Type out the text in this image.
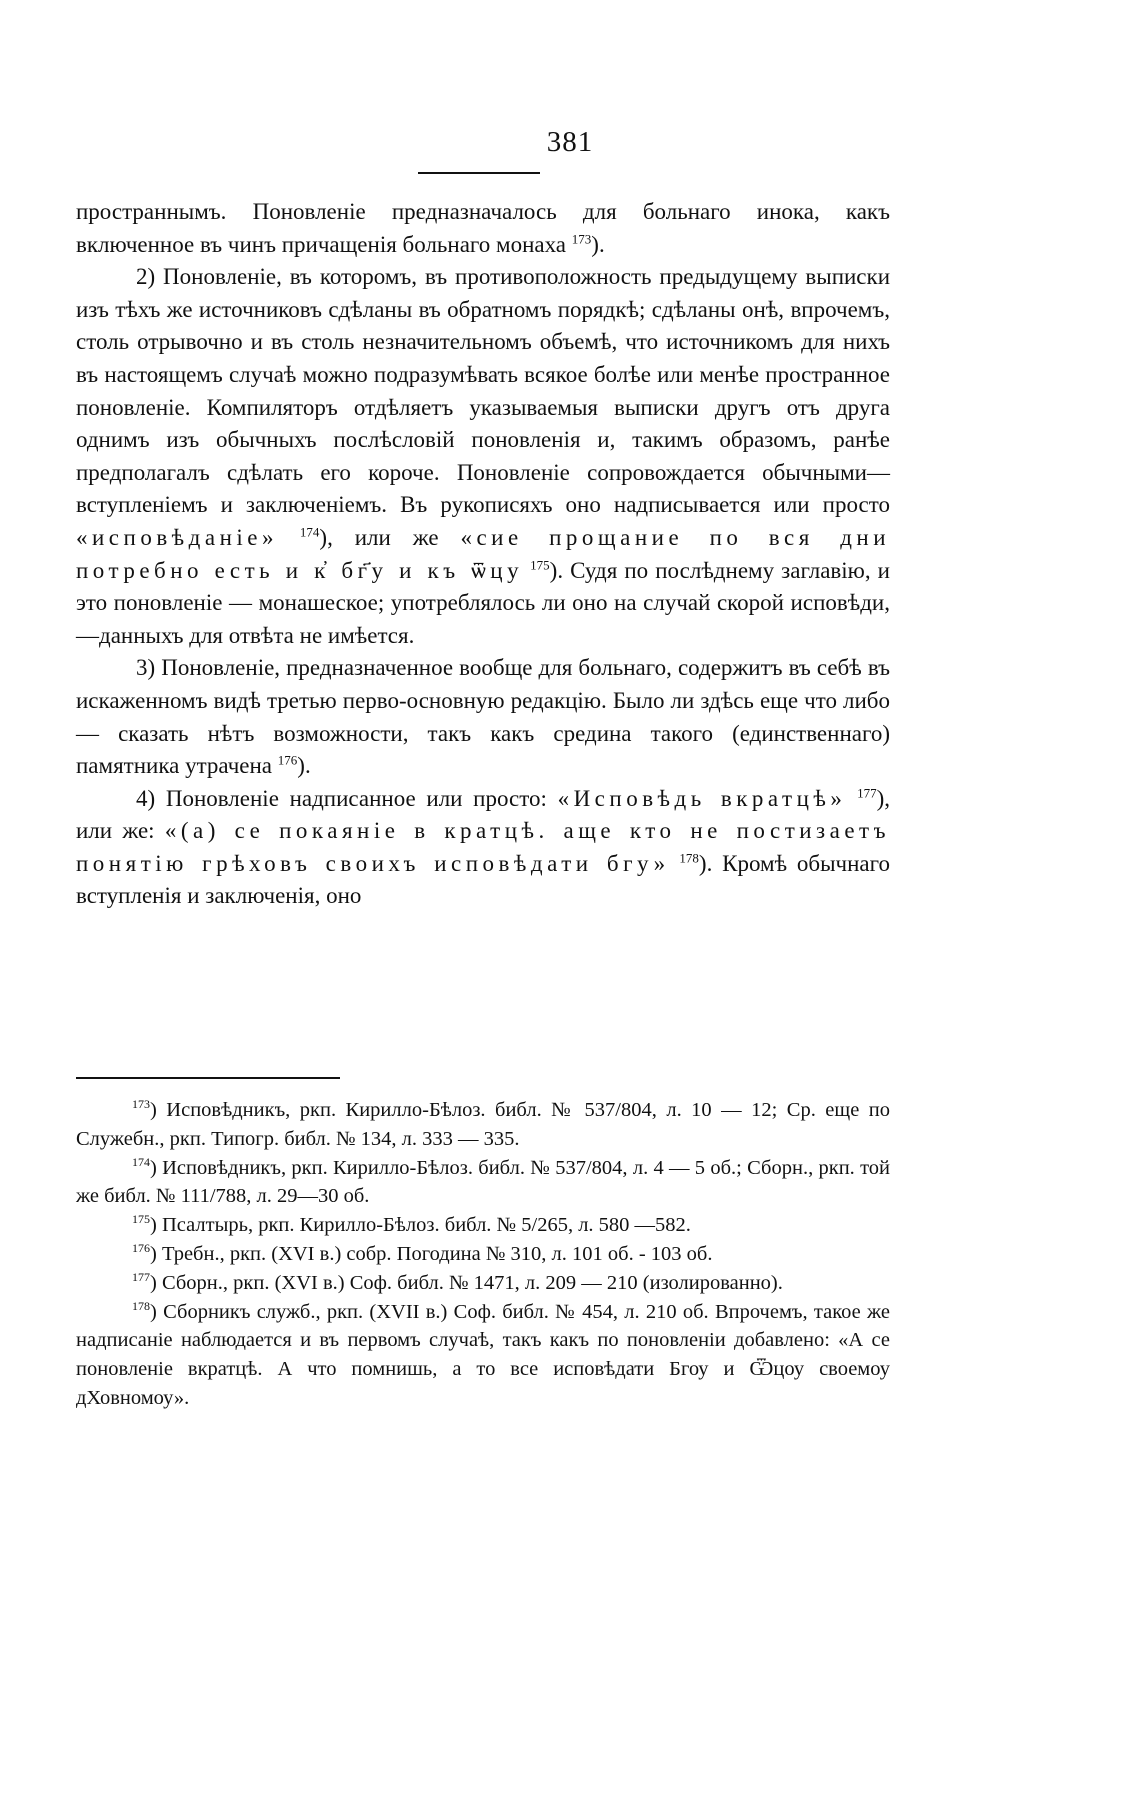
381

пространнымъ. Поновленіе предназначалось для больнаго инока, какъ включенное въ чинъ причащенія больнаго монаха $^{173}$).

2) Поновленіе, въ которомъ, въ противоположность предыдущему выписки изъ тѣхъ же источниковъ сдѣланы въ обратномъ порядкѣ; сдѣланы онѣ, впрочемъ, столь отрывочно и въ столь незначительномъ объемѣ, что источникомъ для нихъ въ настоящемъ случаѣ можно подразумѣвать всякое болѣе или менѣе пространное поновленіе. Компиляторъ отдѣляетъ указываемыя выписки другъ отъ друга однимъ изъ обычныхъ послѣсловій поновленія и, такимъ образомъ, ранѣе предполагалъ сдѣлать его короче. Поновленіе сопровождается обычными—вступленіемъ и заключеніемъ. Въ рукописяхъ оно надписывается или просто «исповѣданіе» $^{174}$), или же «сие прощание по вся дни потребно есть и к҆ бг҃у и къ ѿцу $^{175}$). Судя по послѣднему заглавію, и это поновленіе — монашеское; употреблялось ли оно на случай скорой исповѣди,—данныхъ для отвѣта не имѣется.

3) Поновленіе, предназначенное вообще для больнаго, содержитъ въ себѣ въ искаженномъ видѣ третью перво-основную редакцію. Было ли здѣсь еще что либо — сказать нѣтъ возможности, такъ какъ средина такого (единственнаго) памятника утрачена $^{176}$).

4) Поновленіе надписанное или просто: «Исповѣдь вкратцѣ» $^{177}$), или же: «(а) се покаяніе в кратцѣ. аще кто не постизаетъ понятію грѣховъ своихъ исповѣдати бгу» $^{178}$). Кромѣ обычнаго вступленія и заключенія, оно

$^{173}$) Исповѣдникъ, ркп. Кирилло-Бѣлоз. библ. № 537/804, л. 10 — 12; Ср. еще по Служебн., ркп. Типогр. библ. № 134, л. 333 — 335.

$^{174}$) Исповѣдникъ, ркп. Кирилло-Бѣлоз. библ. № 537/804, л. 4 — 5 об.; Сборн., ркп. той же библ. № 111/788, л. 29—30 об.

$^{175}$) Псалтырь, ркп. Кирилло-Бѣлоз. библ. № 5/265, л. 580 —582.

$^{176}$) Требн., ркп. (XVI в.) собр. Погодина № 310, л. 101 об. - 103 об.

$^{177}$) Сборн., ркп. (XVI в.) Соф. библ. № 1471, л. 209 — 210 (изолированно).

$^{178}$) Сборникъ служб., ркп. (XVII в.) Соф. библ. № 454, л. 210 об. Впрочемъ, такое же надписаніе наблюдается и въ первомъ случаѣ, такъ какъ по поновленіи добавлено: «А се поновленіе вкратцѣ. А что помнишь, а то все исповѣдати Бгоу и Ѿцоу своемоу дХовномоу».
